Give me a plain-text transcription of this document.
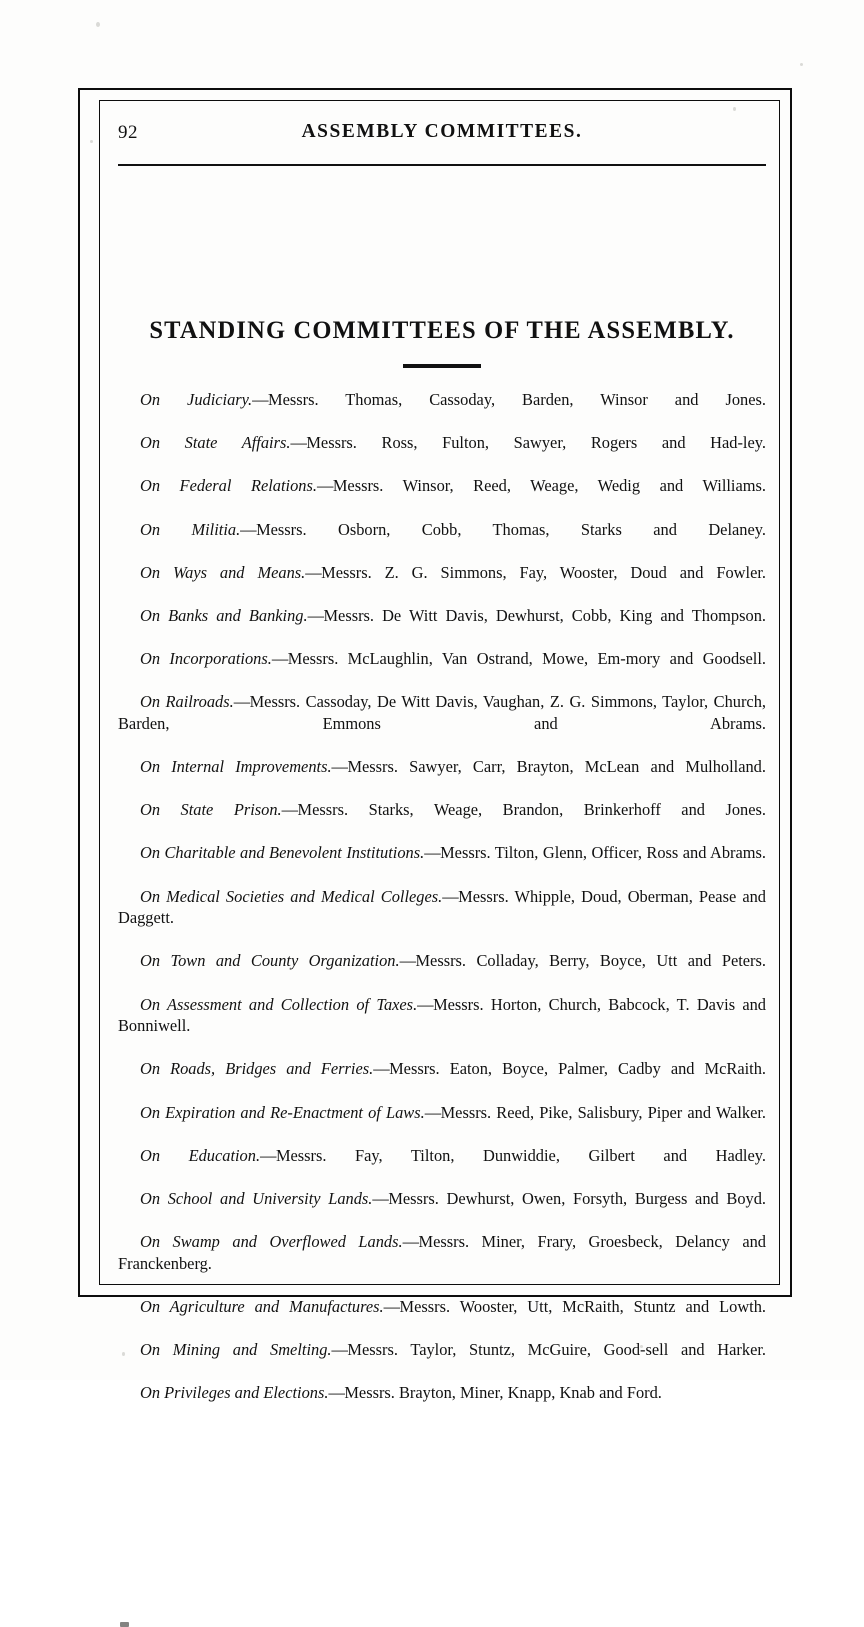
92	ASSEMBLY COMMITTEES.
STANDING COMMITTEES OF THE ASSEMBLY.

On Judiciary.—Messrs. Thomas, Cassoday, Barden, Winsor and Jones.

On State Affairs.—Messrs. Ross, Fulton, Sawyer, Rogers and Had-ley.

On Federal Relations.—Messrs. Winsor, Reed, Weage, Wedig and Williams.

On Militia.—Messrs. Osborn, Cobb, Thomas, Starks and Delaney.

On Ways and Means.—Messrs. Z. G. Simmons, Fay, Wooster, Doud and Fowler.

On Banks and Banking.—Messrs. De Witt Davis, Dewhurst, Cobb, King and Thompson.

On Incorporations.—Messrs. McLaughlin, Van Ostrand, Mowe, Em-mory and Goodsell.

On Railroads.—Messrs. Cassoday, De Witt Davis, Vaughan, Z. G. Simmons, Taylor, Church, Barden, Emmons and Abrams.

On Internal Improvements.—Messrs. Sawyer, Carr, Brayton, McLean and Mulholland.

On State Prison.—Messrs. Starks, Weage, Brandon, Brinkerhoff and Jones.

On Charitable and Benevolent Institutions.—Messrs. Tilton, Glenn, Officer, Ross and Abrams.

On Medical Societies and Medical Colleges.—Messrs. Whipple, Doud, Oberman, Pease and Daggett.

On Town and County Organization.—Messrs. Colladay, Berry, Boyce, Utt and Peters.

On Assessment and Collection of Taxes.—Messrs. Horton, Church, Babcock, T. Davis and Bonniwell.

On Roads, Bridges and Ferries.—Messrs. Eaton, Boyce, Palmer, Cadby and McRaith.

On Expiration and Re-Enactment of Laws.—Messrs. Reed, Pike, Salisbury, Piper and Walker.

On Education.—Messrs. Fay, Tilton, Dunwiddie, Gilbert and Hadley.

On School and University Lands.—Messrs. Dewhurst, Owen, Forsyth, Burgess and Boyd.

On Swamp and Overflowed Lands.—Messrs. Miner, Frary, Groesbeck, Delancy and Franckenberg.

On Agriculture and Manufactures.—Messrs. Wooster, Utt, McRaith, Stuntz and Lowth.

On Mining and Smelting.—Messrs. Taylor, Stuntz, McGuire, Good-sell and Harker.

On Privileges and Elections.—Messrs. Brayton, Miner, Knapp, Knab and Ford.
